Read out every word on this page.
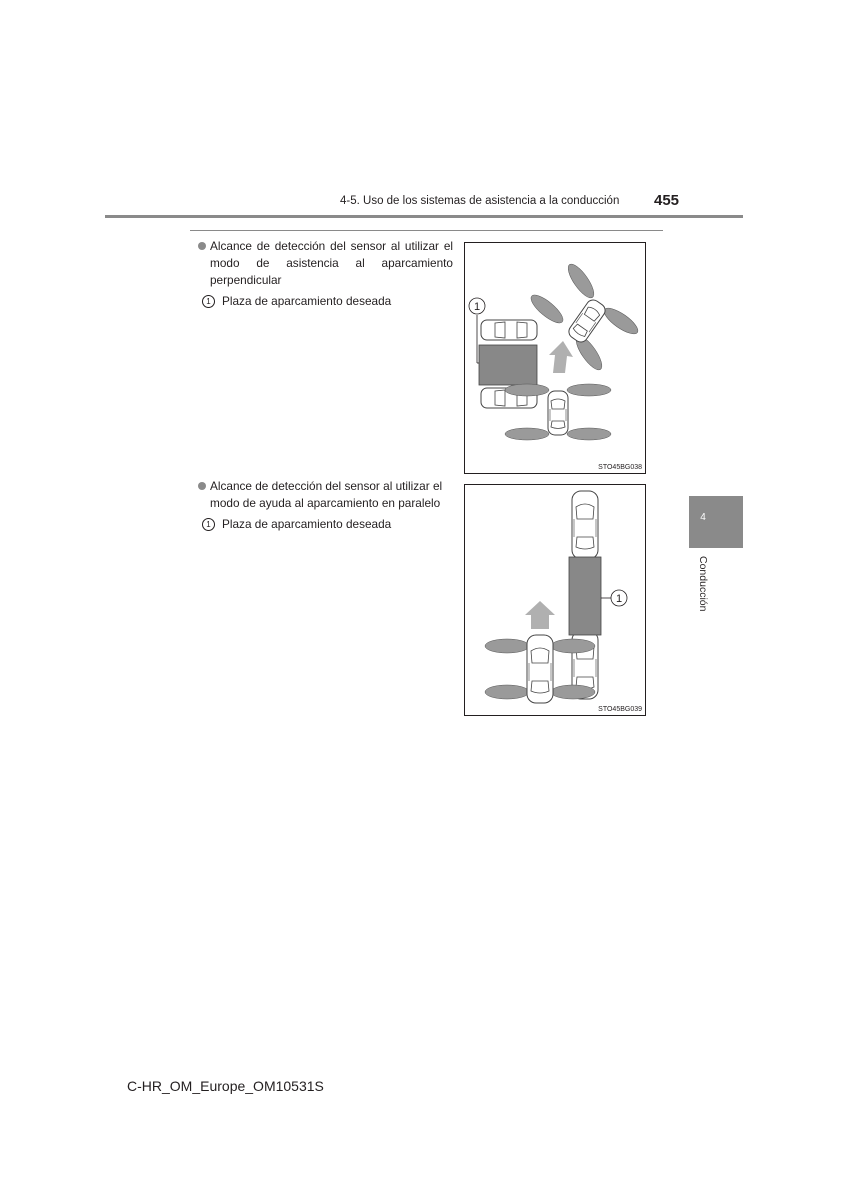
4-5. Uso de los sistemas de asistencia a la conducción 455
Alcance de detección del sensor al utilizar el
modo de asistencia al aparcamiento
perpendicular
1 Plaza de aparcamiento deseada	1
STO45BG038
Alcance de detección del sensor al utilizar el
modo de ayuda al aparcamiento en paralelo
1 Plaza de aparcamiento deseada
1
STO45BG039
4
Conducción
C-HR_OM_Europe_OM10531S
